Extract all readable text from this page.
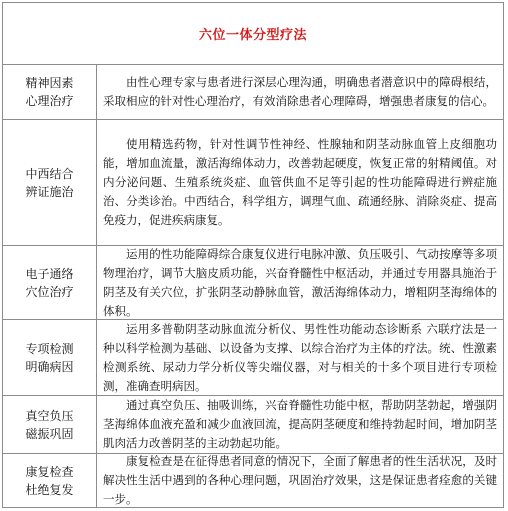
六位一体分型疗法
精神因素
心理治疗
由性心理专家与患者进行深层心理沟通，明确患者潜意识中的障碍根结，采取相应的针对性心理治疗，有效消除患者心理障碍，增强患者康复的信心。
中西结合
辨证施治
使用精选药物，针对性调节性神经、性腺轴和阴茎动脉血管上皮细胞功能，增加血流量，激活海绵体动力，改善勃起硬度，恢复正常的射精阈值。对内分泌问题、生殖系统炎症、血管供血不足等引起的性功能障碍进行辨症施治、分类诊治。中西结合，科学组方，调理气血、疏通经脉、消除炎症、提高免疫力，促进疾病康复。
电子通络
穴位治疗
运用的性功能障碍综合康复仪进行电脉冲激、负压吸引、气动按摩等多项物理治疗，调节大脑皮质功能，兴奋脊髓性中枢活动，并通过专用器具施治于阴茎及有关穴位，扩张阴茎动静脉血管，激活海绵体动力，增粗阴茎海绵体的体积。
专项检测
明确病因
运用多普勒阴茎动脉血流分析仪、男性性功能动态诊断系 六联疗法是一种以科学检测为基础、以设备为支撑、以综合治疗为主体的疗法。统、性激素检测系统、尿动力学分析仪等尖端仪器，对与相关的十多个项目进行专项检测，准确查明病因。
真空负压
磁振巩固
通过真空负压、抽吸训练，兴奋脊髓性功能中枢，帮助阴茎勃起，增强阴茎海绵体血液充盈和减少血液回流，提高阴茎硬度和维持勃起时间，增加阴茎肌肉活力改善阴茎的主动勃起功能。
康复检查
杜绝复发
康复检查是在征得患者同意的情况下，全面了解患者的性生活状况，及时解决性生活中遇到的各种心理问题，巩固治疗效果，这是保证患者痊愈的关键一步。
